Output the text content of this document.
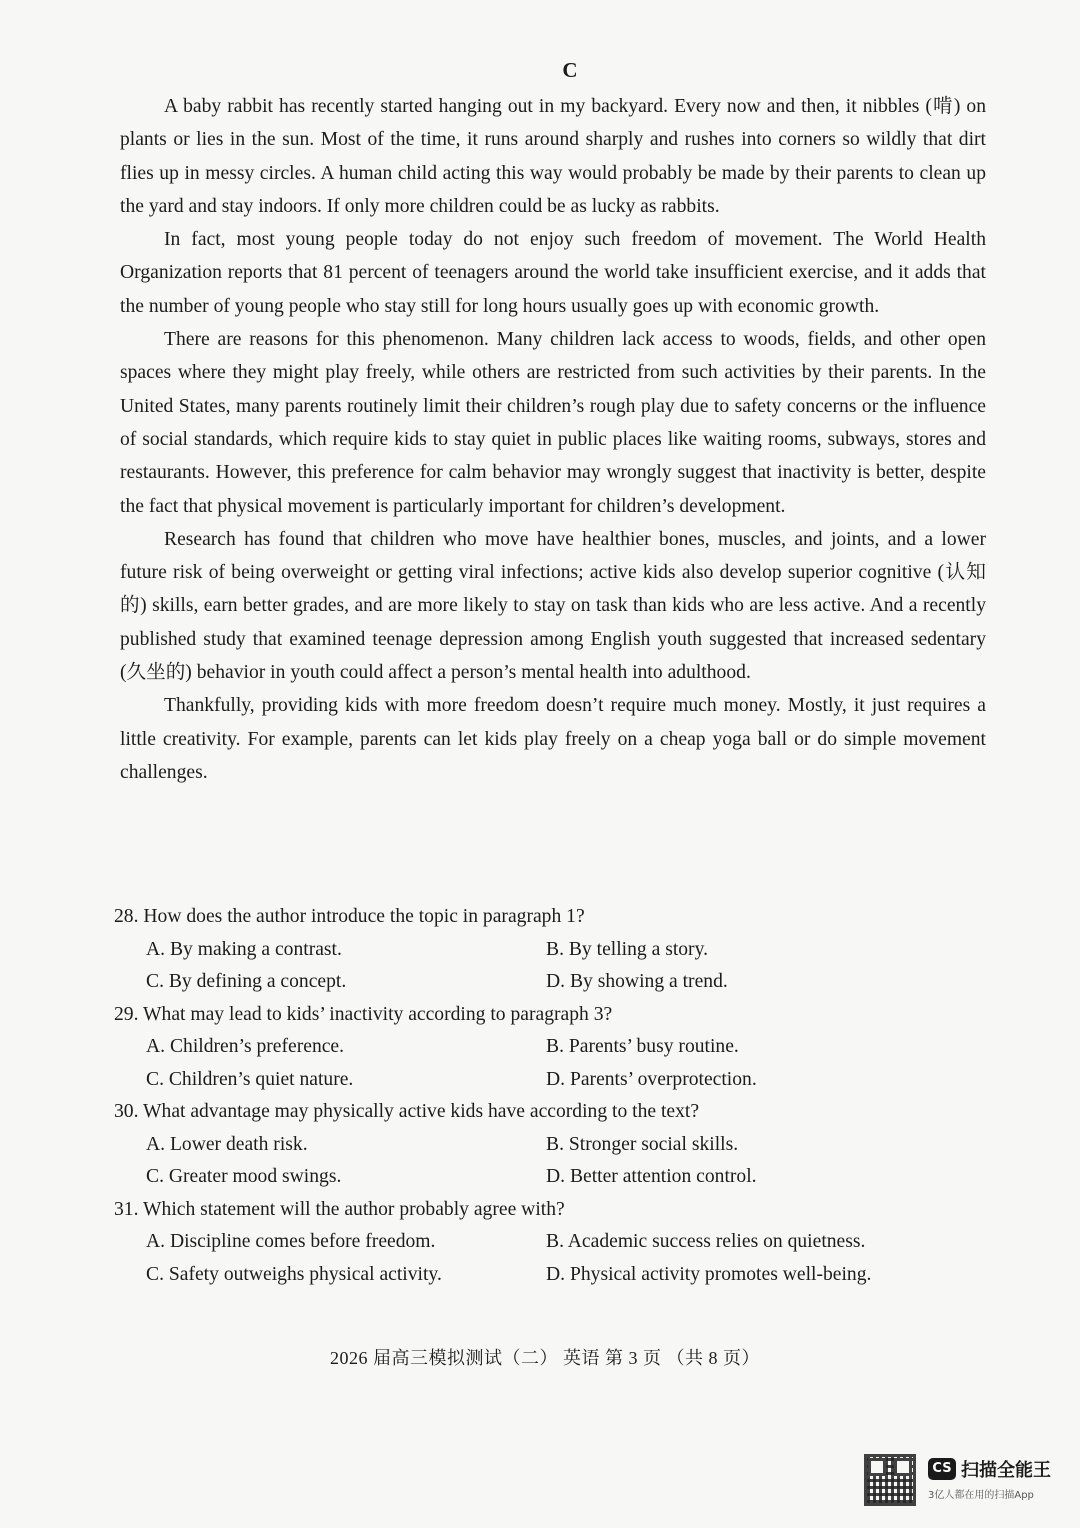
C

A baby rabbit has recently started hanging out in my backyard. Every now and then, it nibbles (啃) on plants or lies in the sun. Most of the time, it runs around sharply and rushes into corners so wildly that dirt flies up in messy circles. A human child acting this way would probably be made by their parents to clean up the yard and stay indoors. If only more children could be as lucky as rabbits.

In fact, most young people today do not enjoy such freedom of movement. The World Health Organization reports that 81 percent of teenagers around the world take insufficient exercise, and it adds that the number of young people who stay still for long hours usually goes up with economic growth.

There are reasons for this phenomenon. Many children lack access to woods, fields, and other open spaces where they might play freely, while others are restricted from such activities by their parents. In the United States, many parents routinely limit their children’s rough play due to safety concerns or the influence of social standards, which require kids to stay quiet in public places like waiting rooms, subways, stores and restaurants. However, this preference for calm behavior may wrongly suggest that inactivity is better, despite the fact that physical movement is particularly important for children’s development.

Research has found that children who move have healthier bones, muscles, and joints, and a lower future risk of being overweight or getting viral infections; active kids also develop superior cognitive (认知的) skills, earn better grades, and are more likely to stay on task than kids who are less active. And a recently published study that examined teenage depression among English youth suggested that increased sedentary (久坐的) behavior in youth could affect a person’s mental health into adulthood.

Thankfully, providing kids with more freedom doesn’t require much money. Mostly, it just requires a little creativity. For example, parents can let kids play freely on a cheap yoga ball or do simple movement challenges.

28. How does the author introduce the topic in paragraph 1?

A. By making a contrast.	B. By telling a story.
C. By defining a concept.	D. By showing a trend.

29. What may lead to kids’ inactivity according to paragraph 3?

A. Children’s preference.	B. Parents’ busy routine.
C. Children’s quiet nature.	D. Parents’ overprotection.

30. What advantage may physically active kids have according to the text?

A. Lower death risk.	B. Stronger social skills.
C. Greater mood swings.	D. Better attention control.

31. Which statement will the author probably agree with?

A. Discipline comes before freedom.	B. Academic success relies on quietness.
C. Safety outweighs physical activity.	D. Physical activity promotes well-being.
2026 届高三模拟测试（二） 英语 第 3 页 （共 8 页）
CS 扫描全能王
3亿人都在用的扫描App
